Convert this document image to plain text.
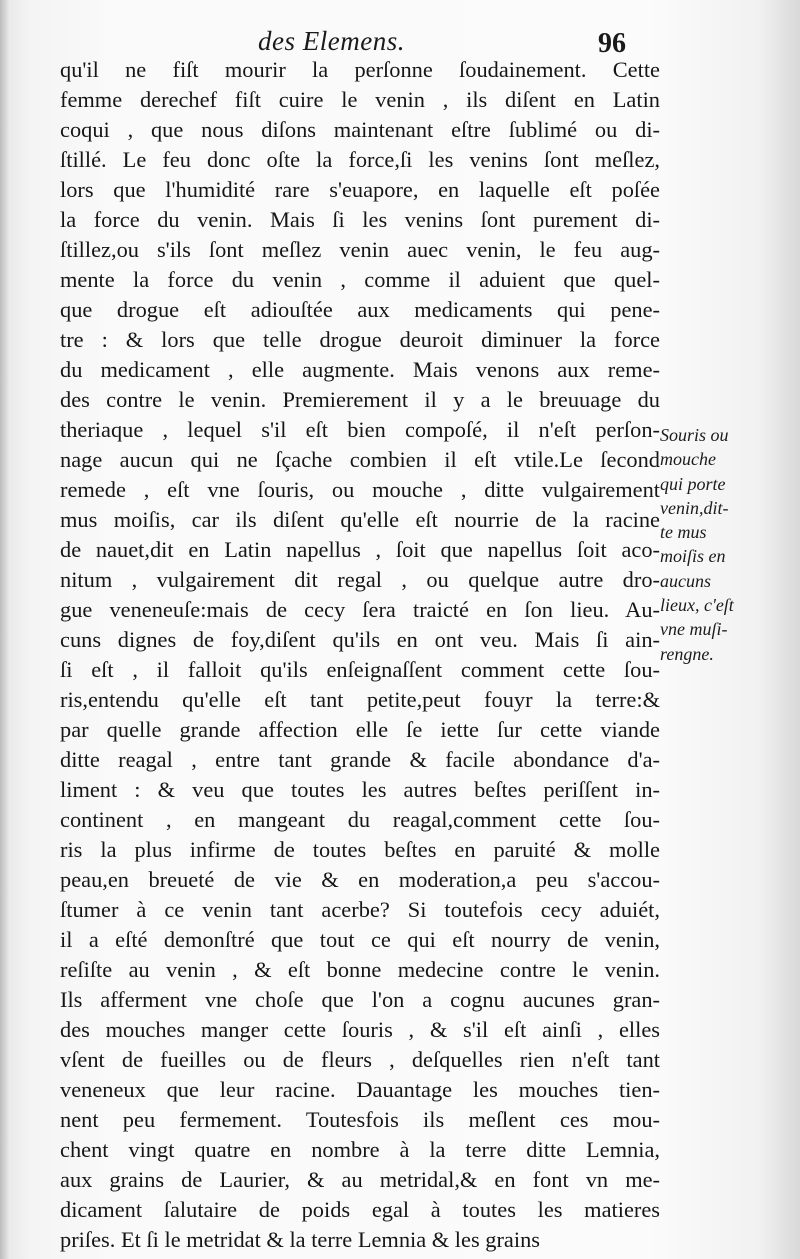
des Elemens.	96
qu'il ne fiſt mourir la perſonne ſoudainement. Cette
femme derechef fiſt cuire le venin , ils diſent en Latin
coqui , que nous diſons maintenant eſtre ſublimé ou di-
ſtillé. Le feu donc oſte la force,ſi les venins ſont meſlez,
lors que l'humidité rare s'euapore, en laquelle eſt poſée
la force du venin. Mais ſi les venins ſont purement di-
ſtillez,ou s'ils ſont meſlez venin auec venin, le feu aug-
mente la force du venin , comme il aduient que quel-
que drogue eſt adiouſtée aux medicaments qui pene-
tre : & lors que telle drogue deuroit diminuer la force
du medicament , elle augmente. Mais venons aux reme-
des contre le venin. Premierement il y a le breuuage du
theriaque , lequel s'il eſt bien compoſé, il n'eſt perſon-
nage aucun qui ne ſçache combien il eſt vtile.Le ſecond
remede , eſt vne ſouris, ou mouche , ditte vulgairement
mus moiſis, car ils diſent qu'elle eſt nourrie de la racine
de nauet,dit en Latin napellus , ſoit que napellus ſoit aco-
nitum , vulgairement dit regal , ou quelque autre dro-
gue veneneuſe:mais de cecy ſera traicté en ſon lieu. Au-
cuns dignes de foy,diſent qu'ils en ont veu. Mais ſi ain-
ſi eſt , il falloit qu'ils enſeignaſſent comment cette ſou-
ris,entendu qu'elle eſt tant petite,peut fouyr la terre:&
par quelle grande affection elle ſe iette ſur cette viande
ditte reagal , entre tant grande & facile abondance d'a-
liment : & veu que toutes les autres beſtes periſſent in-
continent , en mangeant du reagal,comment cette ſou-
ris la plus infirme de toutes beſtes en paruité & molle
peau,en breueté de vie & en moderation,a peu s'accou-
ſtumer à ce venin tant acerbe? Si toutefois cecy aduiét,
il a eſté demonſtré que tout ce qui eſt nourry de venin,
reſiſte au venin , & eſt bonne medecine contre le venin.
Ils afferment vne choſe que l'on a cognu aucunes gran-
des mouches manger cette ſouris , & s'il eſt ainſi , elles
vſent de fueilles ou de fleurs , deſquelles rien n'eſt tant
veneneux que leur racine. Dauantage les mouches tien-
nent peu fermement. Toutesfois ils meſlent ces mou-
chent vingt quatre en nombre à la terre ditte Lemnia,
aux grains de Laurier, & au metridal,& en font vn me-
dicament ſalutaire de poids egal à toutes les matieres
priſes. Et ſi le metridat & la terre Lemnia & les grains
Souris ou
mouche
qui porte
venin,dit-
te mus
moiſis en
aucuns
lieux, c'eſt
vne muſi-
rengne.
